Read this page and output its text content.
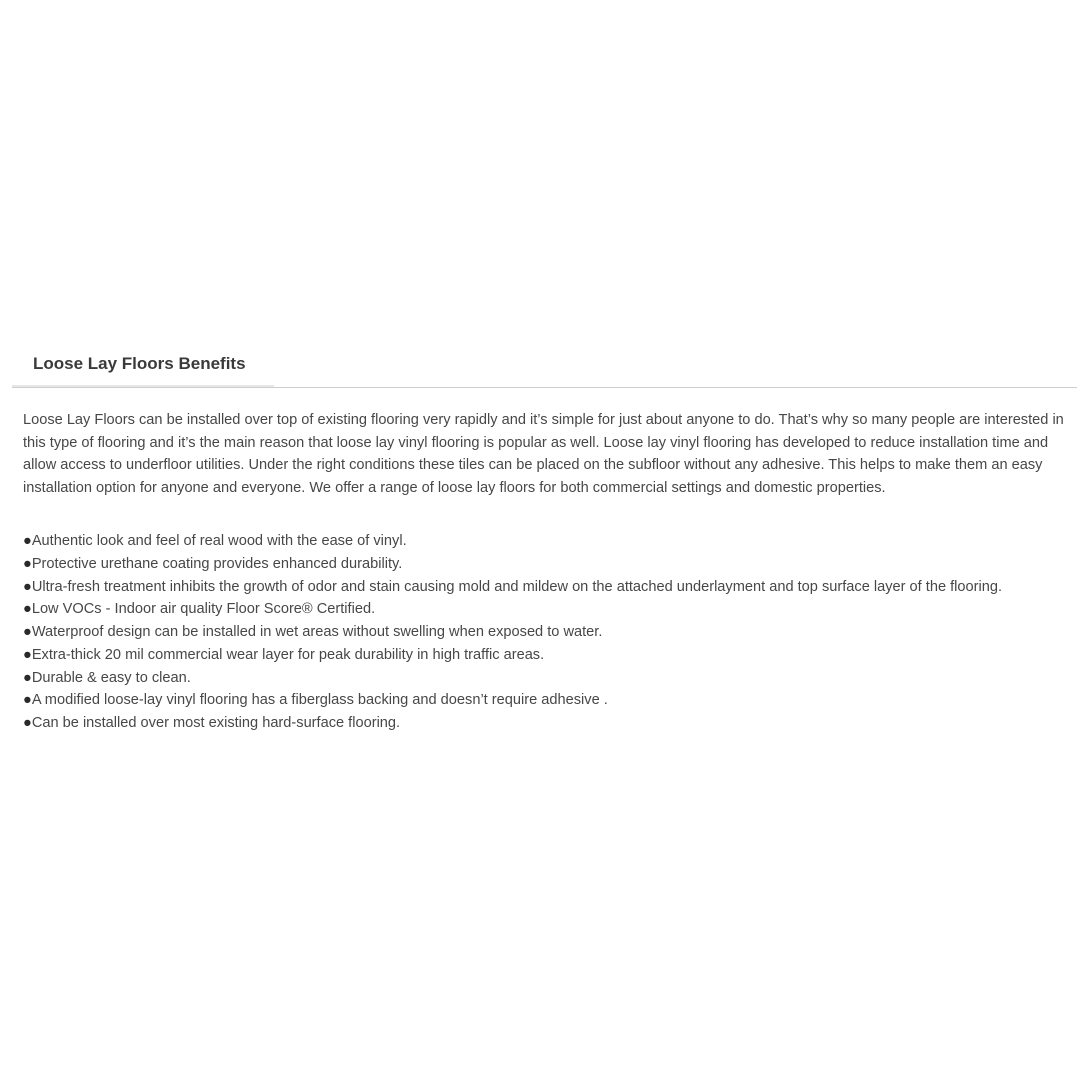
Loose Lay Floors Benefits

Loose Lay Floors can be installed over top of existing flooring very rapidly and it’s simple for just about anyone to do. That’s why so many people are interested in this type of flooring and it’s the main reason that loose lay vinyl flooring is popular as well. Loose lay vinyl flooring has developed to reduce installation time and allow access to underfloor utilities. Under the right conditions these tiles can be placed on the subfloor without any adhesive. This helps to make them an easy installation option for anyone and everyone. We offer a range of loose lay floors for both commercial settings and domestic properties.

●Authentic look and feel of real wood with the ease of vinyl.
●Protective urethane coating provides enhanced durability.
●Ultra-fresh treatment inhibits the growth of odor and stain causing mold and mildew on the attached underlayment and top surface layer of the flooring.
●Low VOCs - Indoor air quality Floor Score® Certified.
●Waterproof design can be installed in wet areas without swelling when exposed to water.
●Extra-thick 20 mil commercial wear layer for peak durability in high traffic areas.
●Durable & easy to clean.
●A modified loose-lay vinyl flooring has a fiberglass backing and doesn’t require adhesive .
●Can be installed over most existing hard-surface flooring.
